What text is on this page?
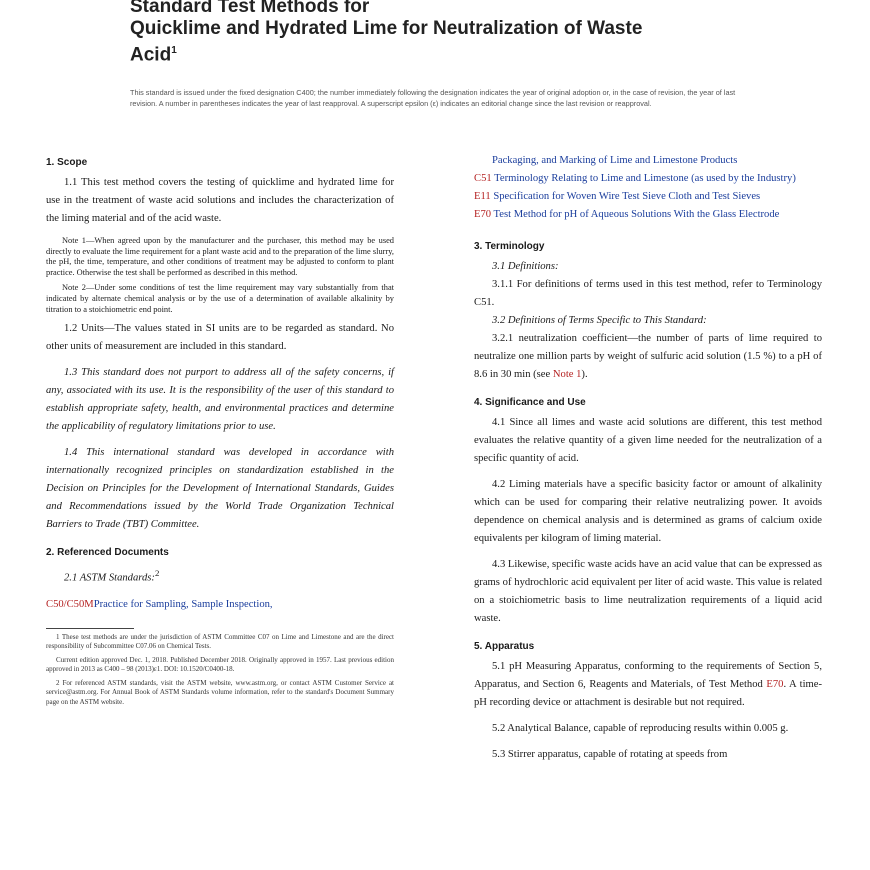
Standard Test Methods for
Quicklime and Hydrated Lime for Neutralization of Waste
Acid$^1$
This standard is issued under the fixed designation C400; the number immediately following the designation indicates the year of original adoption or, in the case of revision, the year of last revision. A number in parentheses indicates the year of last reapproval. A superscript epsilon (ε) indicates an editorial change since the last revision or reapproval.

1. Scope

1.1 This test method covers the testing of quicklime and hydrated lime for use in the treatment of waste acid solutions and includes the characterization of the liming material and of the acid waste.

Note 1—When agreed upon by the manufacturer and the purchaser, this method may be used directly to evaluate the lime requirement for a plant waste acid and to the preparation of the lime slurry, the pH, the time, temperature, and other conditions of treatment may be adjusted to conform to plant practice. Otherwise the test shall be performed as described in this method.

Note 2—Under some conditions of test the lime requirement may vary substantially from that indicated by alternate chemical analysis or by the use of a determination of available alkalinity by titration to a stoichiometric end point.

1.2 Units—The values stated in SI units are to be regarded as standard. No other units of measurement are included in this standard.

1.3 This standard does not purport to address all of the safety concerns, if any, associated with its use. It is the responsibility of the user of this standard to establish appropriate safety, health, and environmental practices and determine the applicability of regulatory limitations prior to use.

1.4 This international standard was developed in accordance with internationally recognized principles on standardization established in the Decision on Principles for the Development of International Standards, Guides and Recommendations issued by the World Trade Organization Technical Barriers to Trade (TBT) Committee.

2. Referenced Documents

2.1 ASTM Standards:$^2$

C50/C50MPractice for Sampling, Sample Inspection,

1 These test methods are under the jurisdiction of ASTM Committee C07 on Lime and Limestone and are the direct responsibility of Subcommittee C07.06 on Chemical Tests.

Current edition approved Dec. 1, 2018. Published December 2018. Originally approved in 1957. Last previous edition approved in 2013 as C400 – 98 (2013)ε1. DOI: 10.1520/C0400-18.

2 For referenced ASTM standards, visit the ASTM website, www.astm.org, or contact ASTM Customer Service at service@astm.org. For Annual Book of ASTM Standards volume information, refer to the standard's Document Summary page on the ASTM website.

Packaging, and Marking of Lime and Limestone Products

C51 Terminology Relating to Lime and Limestone (as used by the Industry)

E11 Specification for Woven Wire Test Sieve Cloth and Test Sieves

E70 Test Method for pH of Aqueous Solutions With the Glass Electrode

3. Terminology

3.1 Definitions:

3.1.1 For definitions of terms used in this test method, refer to Terminology C51.

3.2 Definitions of Terms Specific to This Standard:

3.2.1 neutralization coefficient—the number of parts of lime required to neutralize one million parts by weight of sulfuric acid solution (1.5 %) to a pH of 8.6 in 30 min (see Note 1).

4. Significance and Use

4.1 Since all limes and waste acid solutions are different, this test method evaluates the relative quantity of a given lime needed for the neutralization of a specific quantity of acid.

4.2 Liming materials have a specific basicity factor or amount of alkalinity which can be used for comparing their relative neutralizing power. It avoids dependence on chemical analysis and is determined as grams of calcium oxide equivalents per kilogram of liming material.

4.3 Likewise, specific waste acids have an acid value that can be expressed as grams of hydrochloric acid equivalent per liter of acid waste. This value is related on a stoichiometric basis to lime neutralization requirements of a liquid acid waste.

5. Apparatus

5.1 pH Measuring Apparatus, conforming to the requirements of Section 5, Apparatus, and Section 6, Reagents and Materials, of Test Method E70. A time-pH recording device or attachment is desirable but not required.

5.2 Analytical Balance, capable of reproducing results within 0.005 g.

5.3 Stirrer apparatus, capable of rotating at speeds from
